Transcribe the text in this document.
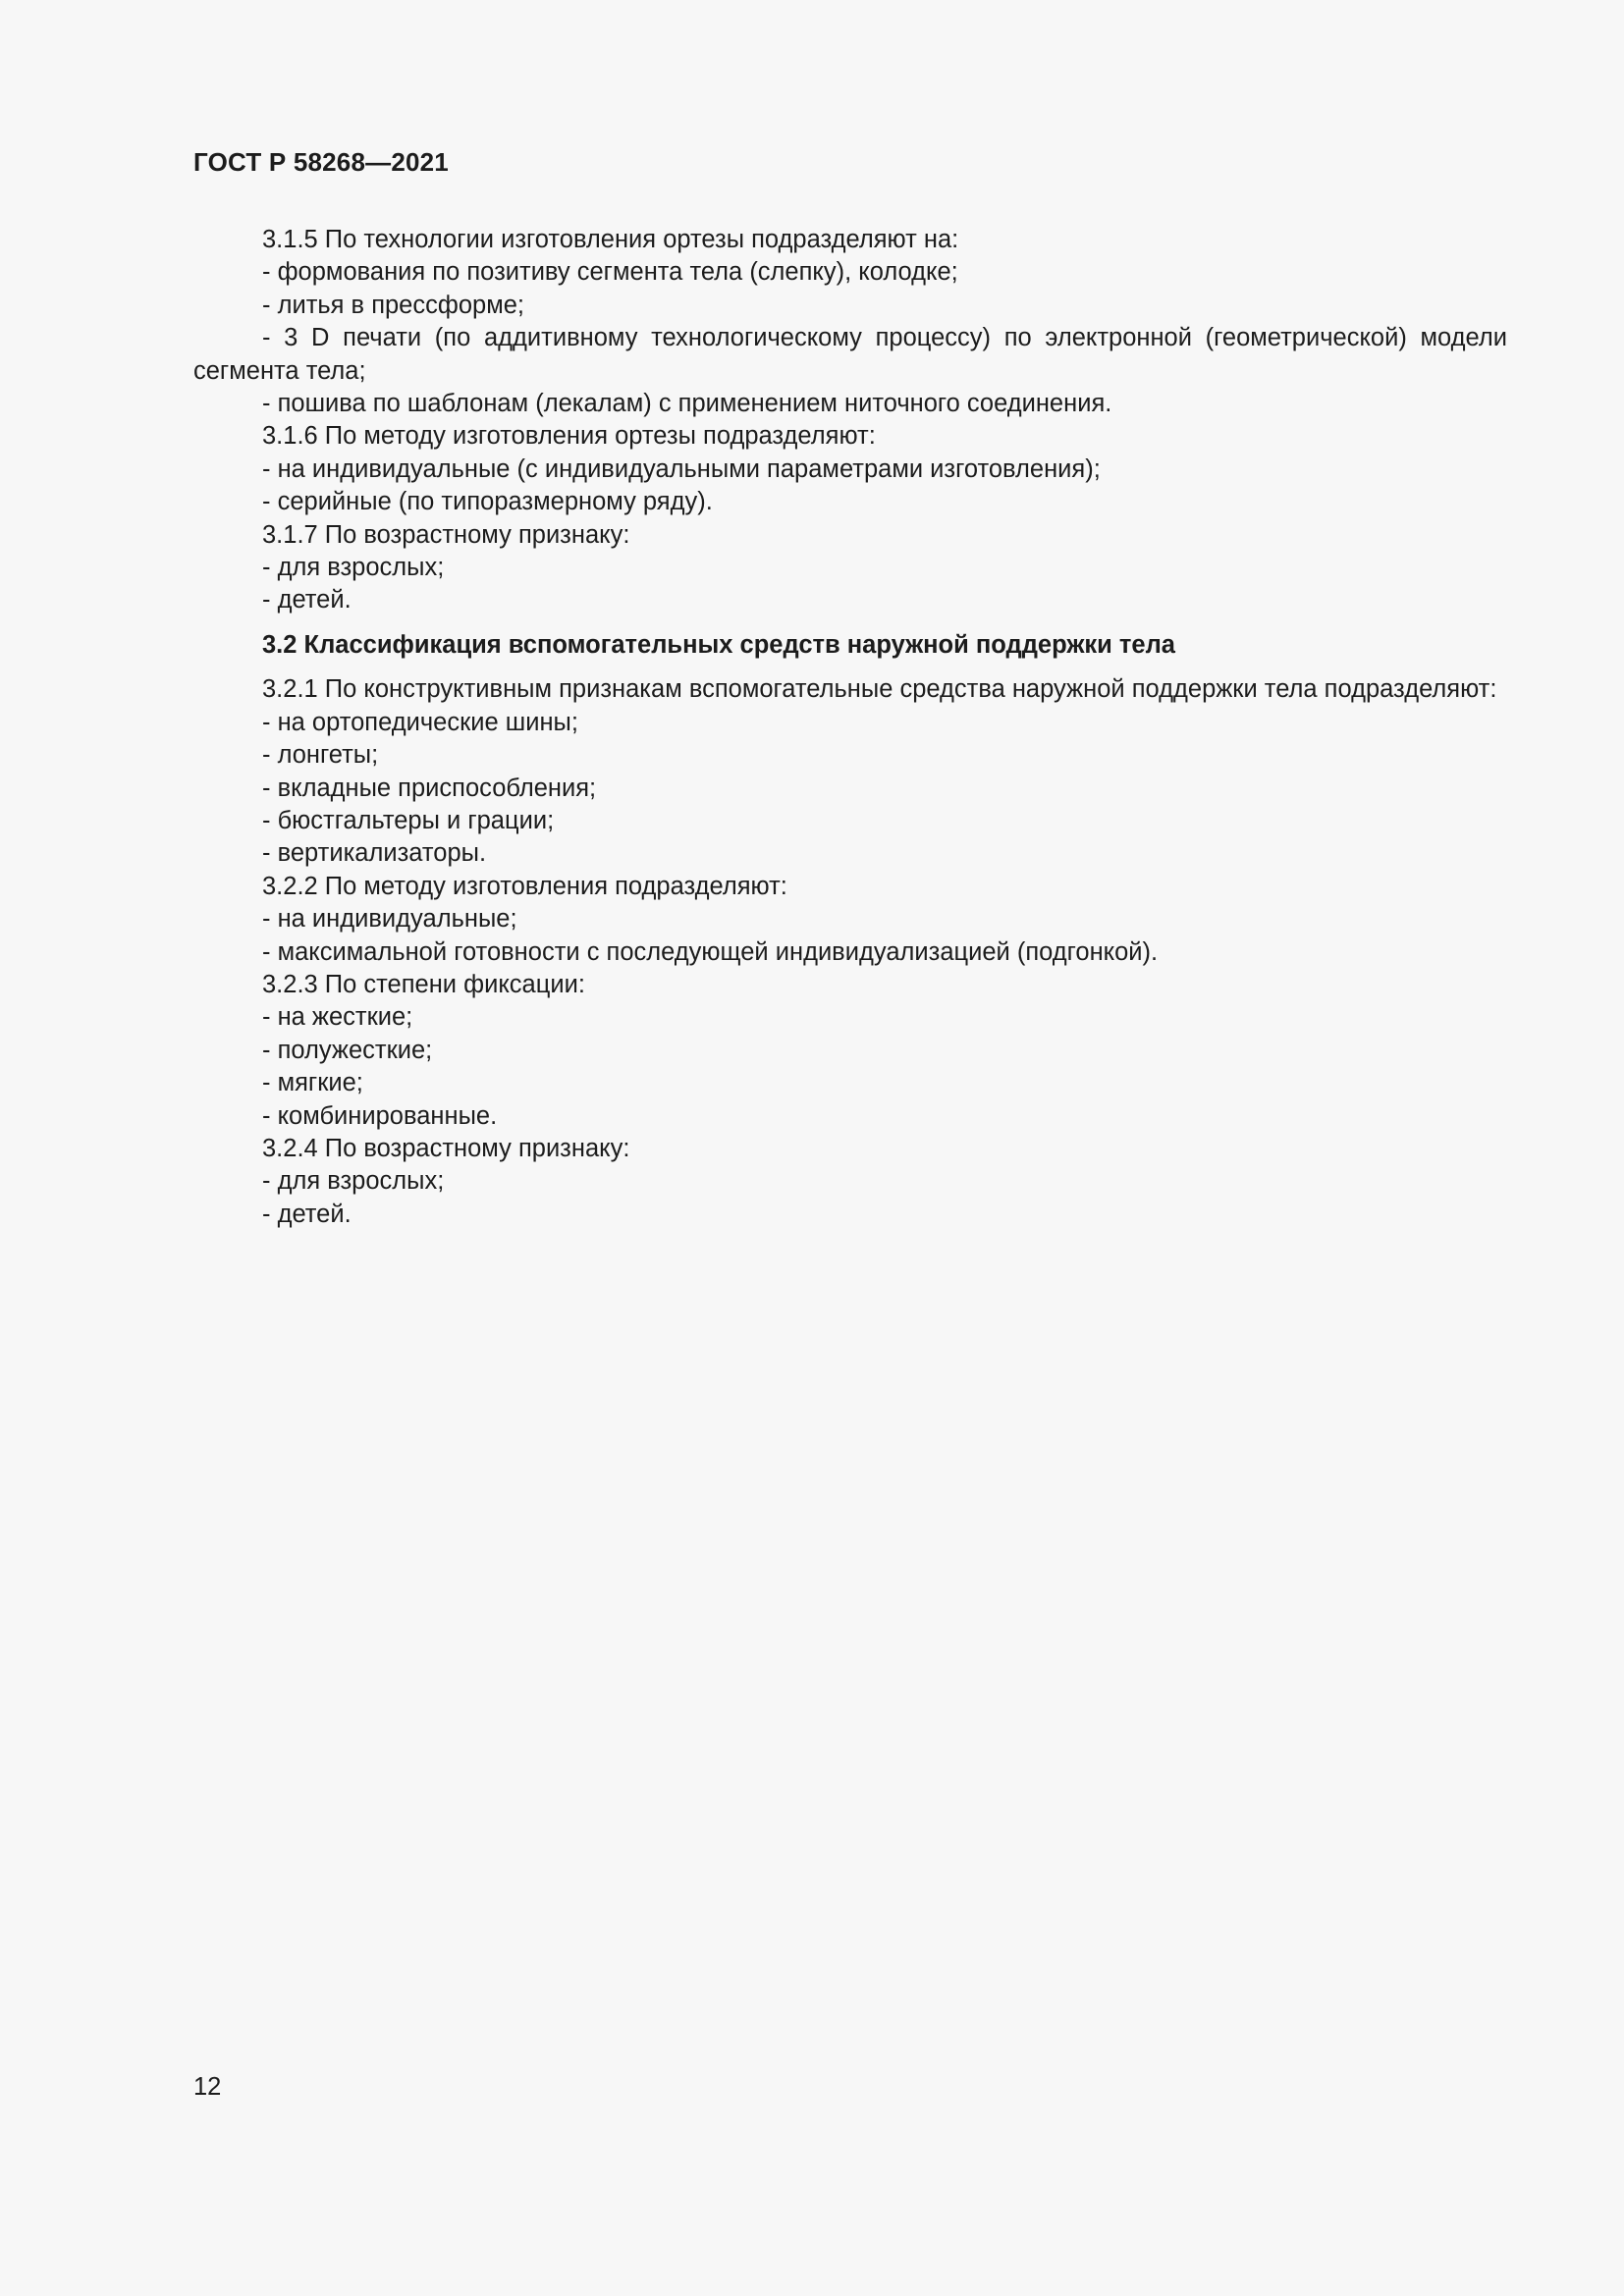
ГОСТ Р 58268—2021

3.1.5 По технологии изготовления ортезы подразделяют на:

- формования по позитиву сегмента тела (слепку), колодке;

- литья в прессформе;

- 3 D печати (по аддитивному технологическому процессу) по электронной (геометрической) модели сегмента тела;

- пошива по шаблонам (лекалам) с применением ниточного соединения.

3.1.6 По методу изготовления ортезы подразделяют:

- на индивидуальные (с индивидуальными параметрами изготовления);

- серийные (по типоразмерному ряду).

3.1.7 По возрастному признаку:

- для взрослых;

- детей.

3.2 Классификация вспомогательных средств наружной поддержки тела

3.2.1 По конструктивным признакам вспомогательные средства наружной поддержки тела подразделяют:

- на ортопедические шины;

- лонгеты;

- вкладные приспособления;

- бюстгальтеры и грации;

- вертикализаторы.

3.2.2 По методу изготовления подразделяют:

- на индивидуальные;

- максимальной готовности с последующей индивидуализацией (подгонкой).

3.2.3 По степени фиксации:

- на жесткие;

- полужесткие;

- мягкие;

- комбинированные.

3.2.4 По возрастному признаку:

- для взрослых;

- детей.

12
